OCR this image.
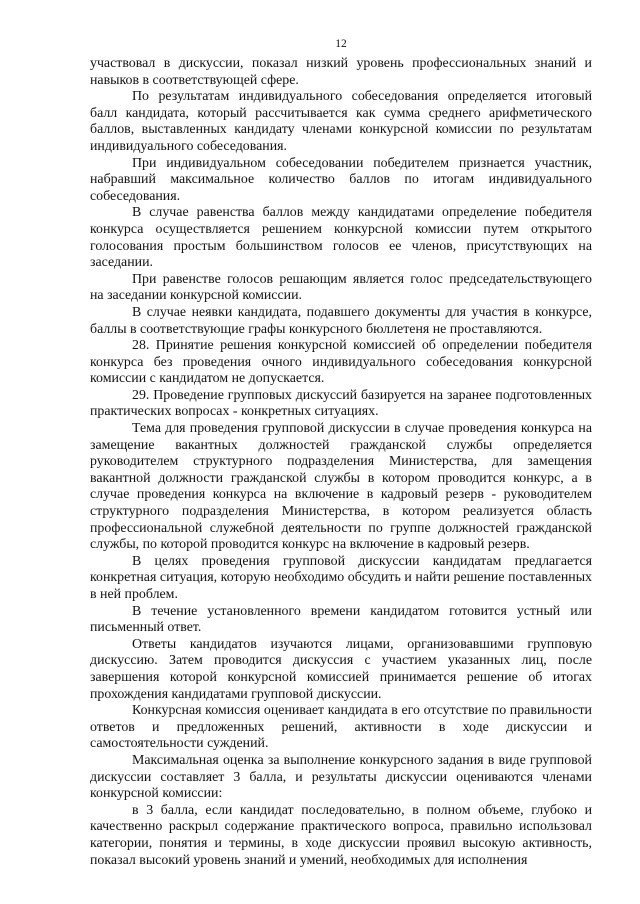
12

участвовал в дискуссии, показал низкий уровень профессиональных знаний и навыков в соответствующей сфере.

По результатам индивидуального собеседования определяется итоговый балл кандидата, который рассчитывается как сумма среднего арифметического баллов, выставленных кандидату членами конкурсной комиссии по результатам индивидуального собеседования.

При индивидуальном собеседовании победителем признается участник, набравший максимальное количество баллов по итогам индивидуального собеседования.

В случае равенства баллов между кандидатами определение победителя конкурса осуществляется решением конкурсной комиссии путем открытого голосования простым большинством голосов ее членов, присутствующих на заседании.

При равенстве голосов решающим является голос председательствующего на заседании конкурсной комиссии.

В случае неявки кандидата, подавшего документы для участия в конкурсе, баллы в соответствующие графы конкурсного бюллетеня не проставляются.

28. Принятие решения конкурсной комиссией об определении победителя конкурса без проведения очного индивидуального собеседования конкурсной комиссии с кандидатом не допускается.

29. Проведение групповых дискуссий базируется на заранее подготовленных практических вопросах - конкретных ситуациях.

Тема для проведения групповой дискуссии в случае проведения конкурса на замещение вакантных должностей гражданской службы определяется руководителем структурного подразделения Министерства, для замещения вакантной должности гражданской службы в котором проводится конкурс, а в случае проведения конкурса на включение в кадровый резерв - руководителем структурного подразделения Министерства, в котором реализуется область профессиональной служебной деятельности по группе должностей гражданской службы, по которой проводится конкурс на включение в кадровый резерв.

В целях проведения групповой дискуссии кандидатам предлагается конкретная ситуация, которую необходимо обсудить и найти решение поставленных в ней проблем.

В течение установленного времени кандидатом готовится устный или письменный ответ.

Ответы кандидатов изучаются лицами, организовавшими групповую дискуссию. Затем проводится дискуссия с участием указанных лиц, после завершения которой конкурсной комиссией принимается решение об итогах прохождения кандидатами групповой дискуссии.

Конкурсная комиссия оценивает кандидата в его отсутствие по правильности ответов и предложенных решений, активности в ходе дискуссии и самостоятельности суждений.

Максимальная оценка за выполнение конкурсного задания в виде групповой дискуссии составляет 3 балла, и результаты дискуссии оцениваются членами конкурсной комиссии:

в 3 балла, если кандидат последовательно, в полном объеме, глубоко и качественно раскрыл содержание практического вопроса, правильно использовал категории, понятия и термины, в ходе дискуссии проявил высокую активность, показал высокий уровень знаний и умений, необходимых для исполнения
